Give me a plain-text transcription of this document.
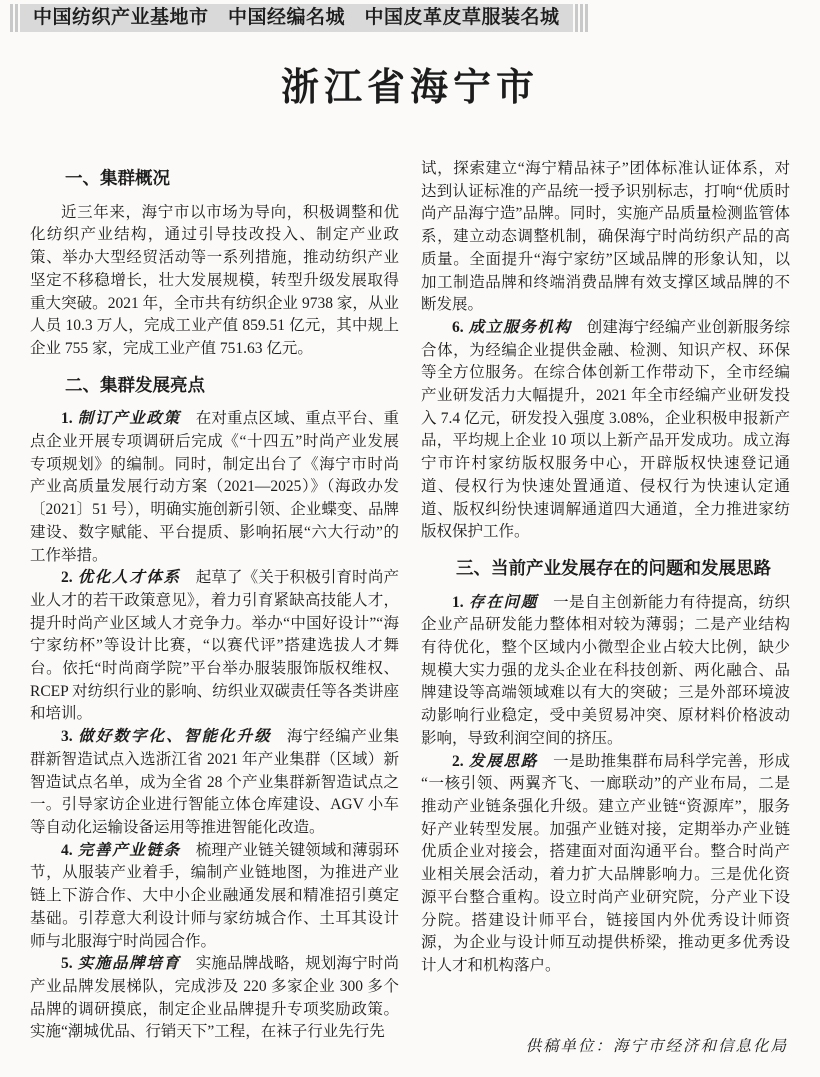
中国纺织产业基地市　中国经编名城　中国皮革皮草服装名城
浙江省海宁市
一、集群概况

近三年来，海宁市以市场为导向，积极调整和优化纺织产业结构，通过引导技改投入、制定产业政策、举办大型经贸活动等一系列措施，推动纺织产业坚定不移稳增长，壮大发展规模，转型升级发展取得重大突破。2021 年，全市共有纺织企业 9738 家，从业人员 10.3 万人，完成工业产值 859.51 亿元，其中规上企业 755 家，完成工业产值 751.63 亿元。

二、集群发展亮点

1. 制订产业政策 在对重点区域、重点平台、重点企业开展专项调研后完成《“十四五”时尚产业发展专项规划》的编制。同时，制定出台了《海宁市时尚产业高质量发展行动方案（2021—2025）》（海政办发〔2021〕51 号），明确实施创新引领、企业蝶变、品牌建设、数字赋能、平台提质、影响拓展“六大行动”的工作举措。

2. 优化人才体系 起草了《关于积极引育时尚产业人才的若干政策意见》，着力引育紧缺高技能人才，提升时尚产业区域人才竞争力。举办“中国好设计”“海宁家纺杯”等设计比赛，“以赛代评”搭建选拔人才舞台。依托“时尚商学院”平台举办服装服饰版权维权、RCEP 对纺织行业的影响、纺织业双碳责任等各类讲座和培训。

3. 做好数字化、智能化升级 海宁经编产业集群新智造试点入选浙江省 2021 年产业集群（区域）新智造试点名单，成为全省 28 个产业集群新智造试点之一。引导家访企业进行智能立体仓库建设、AGV 小车等自动化运输设备运用等推进智能化改造。

4. 完善产业链条 梳理产业链关键领域和薄弱环节，从服装产业着手，编制产业链地图，为推进产业链上下游合作、大中小企业融通发展和精准招引奠定基础。引荐意大利设计师与家纺城合作、土耳其设计师与北服海宁时尚园合作。

5. 实施品牌培育 实施品牌战略，规划海宁时尚产业品牌发展梯队，完成涉及 220 多家企业 300 多个品牌的调研摸底，制定企业品牌提升专项奖励政策。实施“潮城优品、行销天下”工程，在袜子行业先行先

试，探索建立“海宁精品袜子”团体标准认证体系，对达到认证标准的产品统一授予识别标志，打响“优质时尚产品海宁造”品牌。同时，实施产品质量检测监管体系，建立动态调整机制，确保海宁时尚纺织产品的高质量。全面提升“海宁家纺”区域品牌的形象认知，以加工制造品牌和终端消费品牌有效支撑区域品牌的不断发展。

6. 成立服务机构 创建海宁经编产业创新服务综合体，为经编企业提供金融、检测、知识产权、环保等全方位服务。在综合体创新工作带动下，全市经编产业研发活力大幅提升，2021 年全市经编产业研发投入 7.4 亿元，研发投入强度 3.08%，企业积极申报新产品，平均规上企业 10 项以上新产品开发成功。成立海宁市许村家纺版权服务中心，开辟版权快速登记通道、侵权行为快速处置通道、侵权行为快速认定通道、版权纠纷快速调解通道四大通道，全力推进家纺版权保护工作。

三、当前产业发展存在的问题和发展思路

1. 存在问题 一是自主创新能力有待提高，纺织企业产品研发能力整体相对较为薄弱；二是产业结构有待优化，整个区域内小微型企业占较大比例，缺少规模大实力强的龙头企业在科技创新、两化融合、品牌建设等高端领域难以有大的突破；三是外部环境波动影响行业稳定，受中美贸易冲突、原材料价格波动影响，导致利润空间的挤压。

2. 发展思路 一是助推集群布局科学完善，形成“一核引领、两翼齐飞、一廊联动”的产业布局，二是推动产业链条强化升级。建立产业链“资源库”，服务好产业转型发展。加强产业链对接，定期举办产业链优质企业对接会，搭建面对面沟通平台。整合时尚产业相关展会活动，着力扩大品牌影响力。三是优化资源平台整合重构。设立时尚产业研究院，分产业下设分院。搭建设计师平台，链接国内外优秀设计师资源，为企业与设计师互动提供桥梁，推动更多优秀设计人才和机构落户。

供稿单位：海宁市经济和信息化局
